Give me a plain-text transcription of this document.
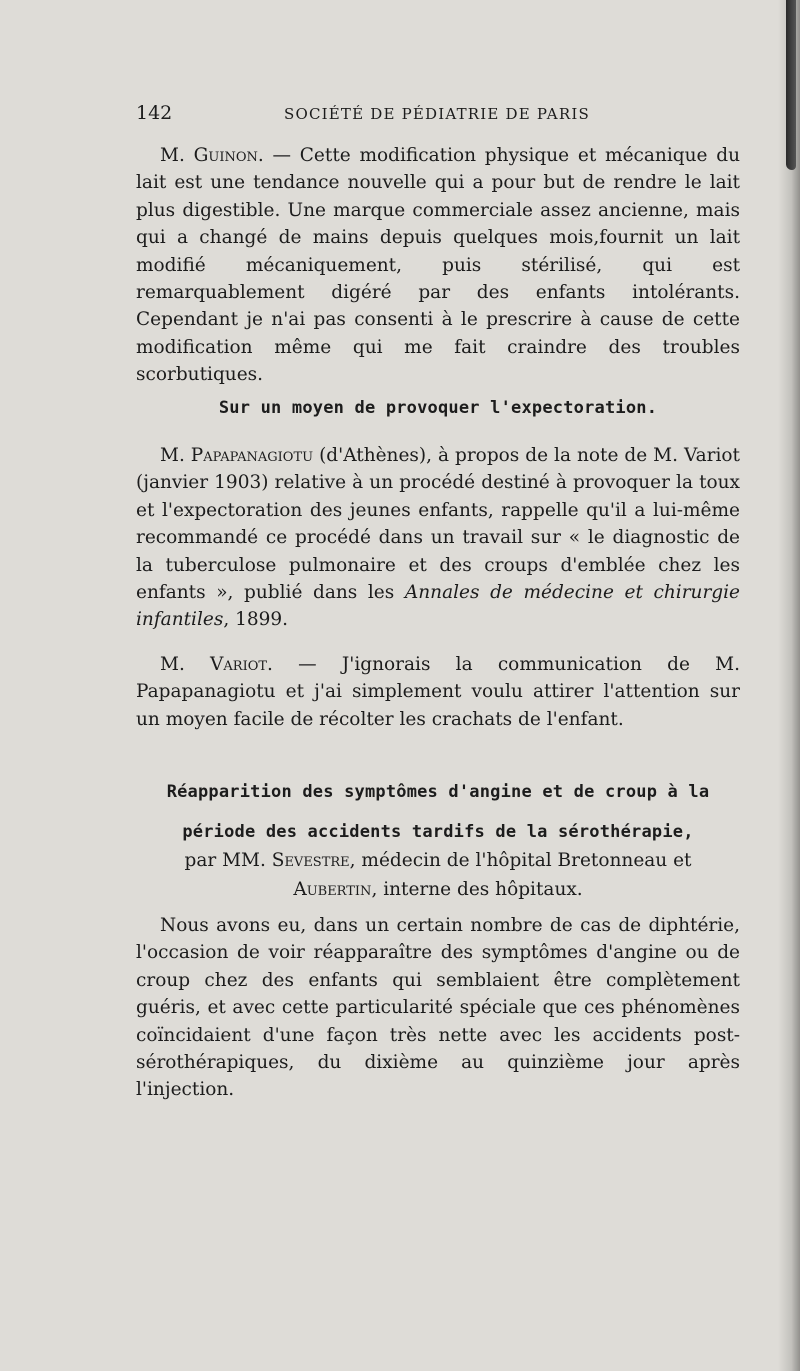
142	SOCIÉTÉ DE PÉDIATRIE DE PARIS

M. Guinon. — Cette modification physique et mécanique du lait est une tendance nouvelle qui a pour but de rendre le lait plus digestible. Une marque commerciale assez ancienne, mais qui a changé de mains depuis quelques mois,fournit un lait modifié mécaniquement, puis stérilisé, qui est remarquablement digéré par des enfants intolérants. Cependant je n'ai pas consenti à le prescrire à cause de cette modification même qui me fait craindre des troubles scorbutiques.

Sur un moyen de provoquer l'expectoration.

M. Papapanagiotu (d'Athènes), à propos de la note de M. Variot (janvier 1903) relative à un procédé destiné à provoquer la toux et l'expectoration des jeunes enfants, rappelle qu'il a lui-même recommandé ce procédé dans un travail sur « le diagnostic de la tuberculose pulmonaire et des croups d'emblée chez les enfants », publié dans les Annales de médecine et chirurgie infantiles, 1899.

M. Variot. — J'ignorais la communication de M. Papapanagiotu et j'ai simplement voulu attirer l'attention sur un moyen facile de récolter les crachats de l'enfant.

Réapparition des symptômes d'angine et de croup à la
période des accidents tardifs de la sérothérapie,
par MM. Sevestre, médecin de l'hôpital Bretonneau et
Aubertin, interne des hôpitaux.

Nous avons eu, dans un certain nombre de cas de diphtérie, l'occasion de voir réapparaître des symptômes d'angine ou de croup chez des enfants qui semblaient être complètement guéris, et avec cette particularité spéciale que ces phénomènes coïncidaient d'une façon très nette avec les accidents post-sérothérapiques, du dixième au quinzième jour après l'injection.
